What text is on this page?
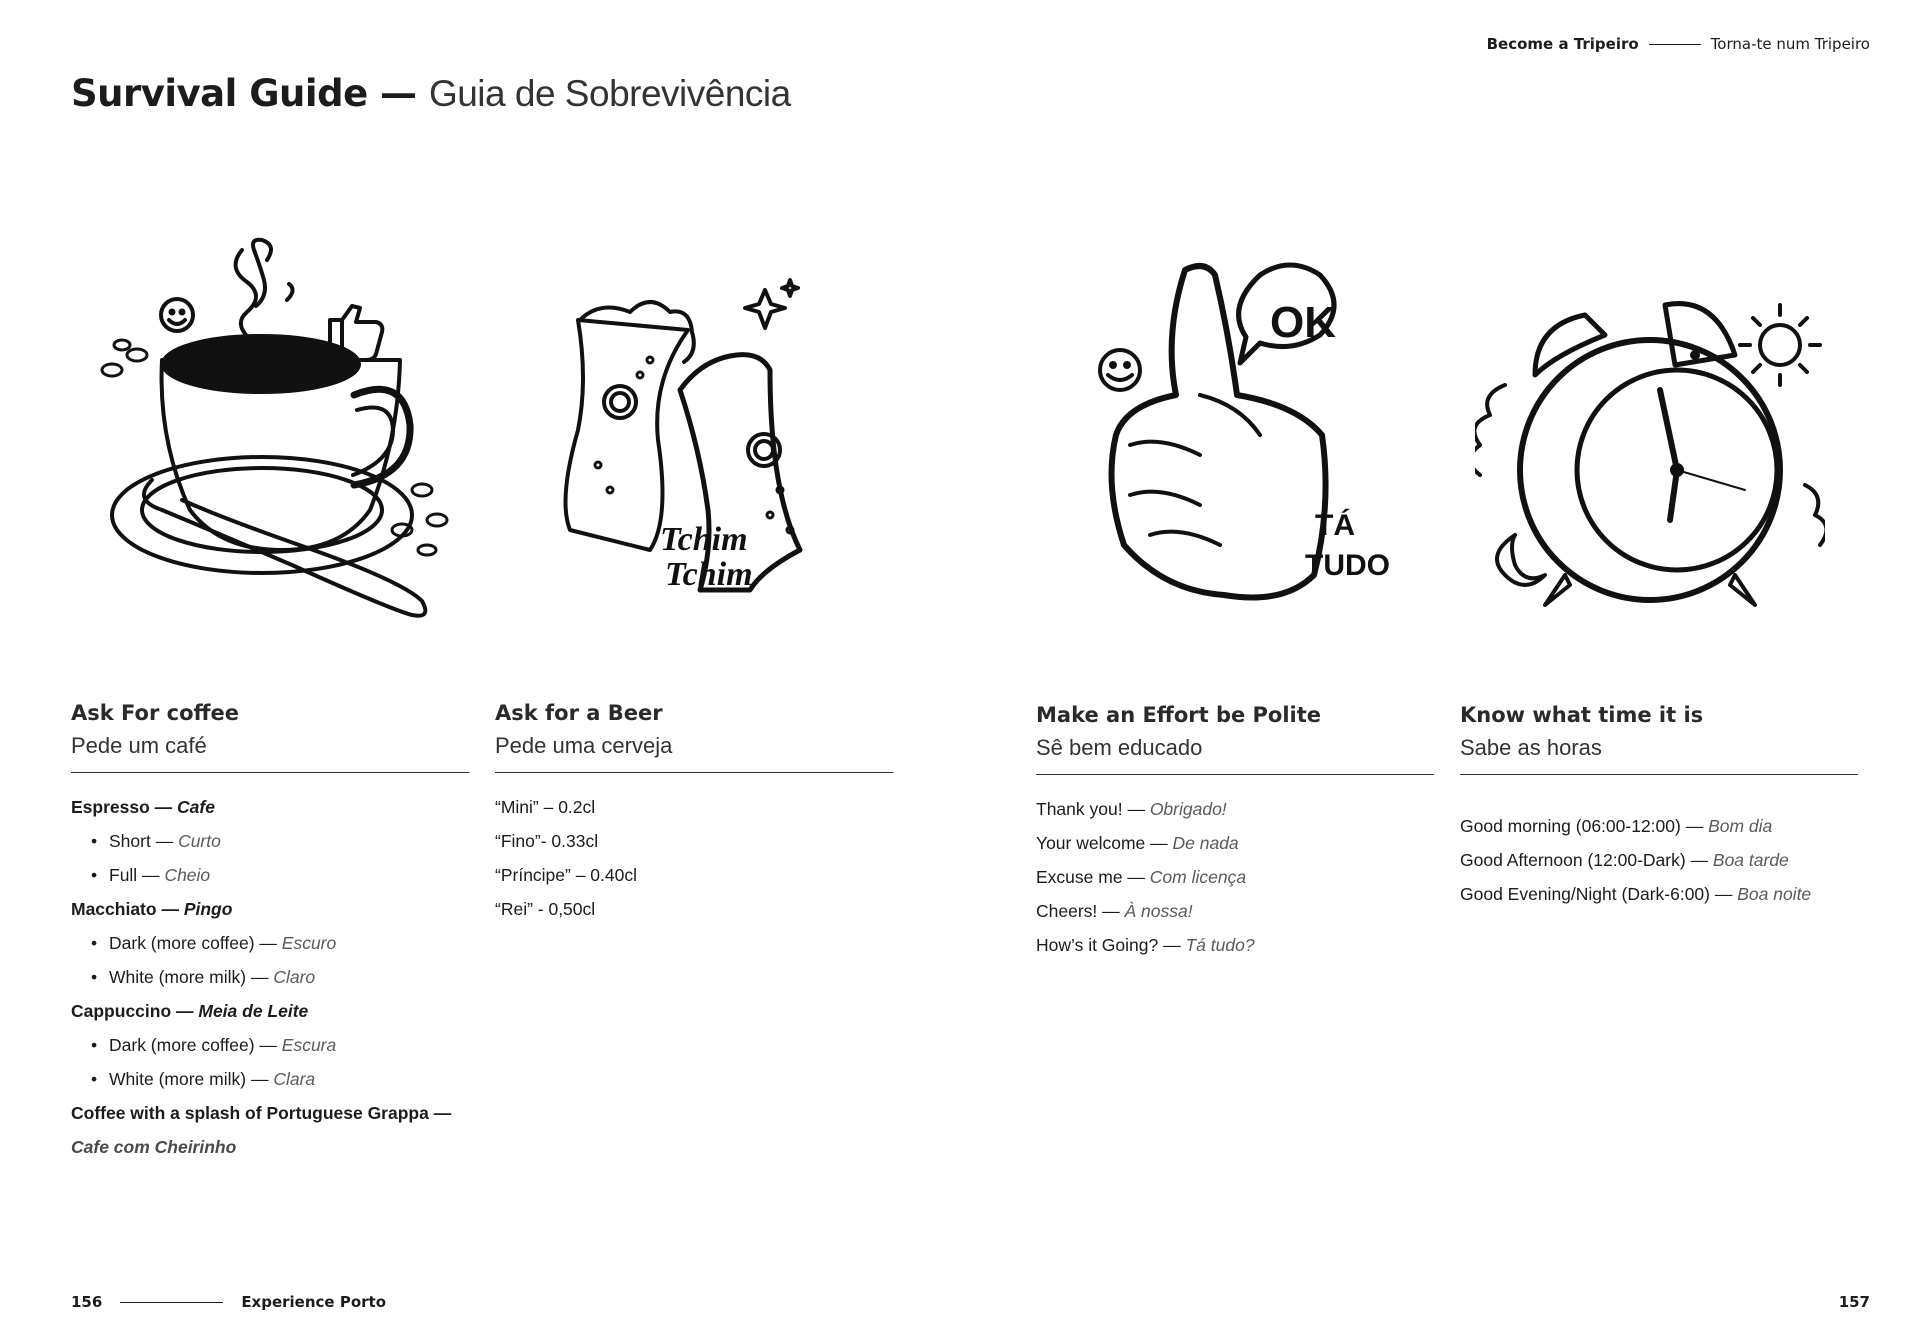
Become a Tripeiro	Torna-te num Tripeiro
Survival Guide — Guia de Sobrevivência
Tchim
Tchim
OK
TÁ
TUDO
Ask For coffee
Pede um café
Espresso — Cafe
• Short — Curto
• Full — Cheio
Macchiato — Pingo
• Dark (more coffee) — Escuro
• White (more milk) — Claro
Cappuccino — Meia de Leite
• Dark (more coffee) — Escura
• White (more milk) — Clara
Coffee with a splash of Portuguese Grappa —
Cafe com Cheirinho
Ask for a Beer
Pede uma cerveja
“Mini” – 0.2cl
“Fino”- 0.33cl
“Príncipe” – 0.40cl
“Rei” - 0,50cl
Make an Effort be Polite
Sê bem educado
Thank you! — Obrigado!
Your welcome — De nada
Excuse me — Com licença
Cheers! — À nossa!
How’s it Going? — Tá tudo?
Know what time it is
Sabe as horas
Good morning (06:00-12:00) — Bom dia
Good Afternoon (12:00-Dark) — Boa tarde
Good Evening/Night (Dark-6:00) — Boa noite
156	Experience Porto	157
